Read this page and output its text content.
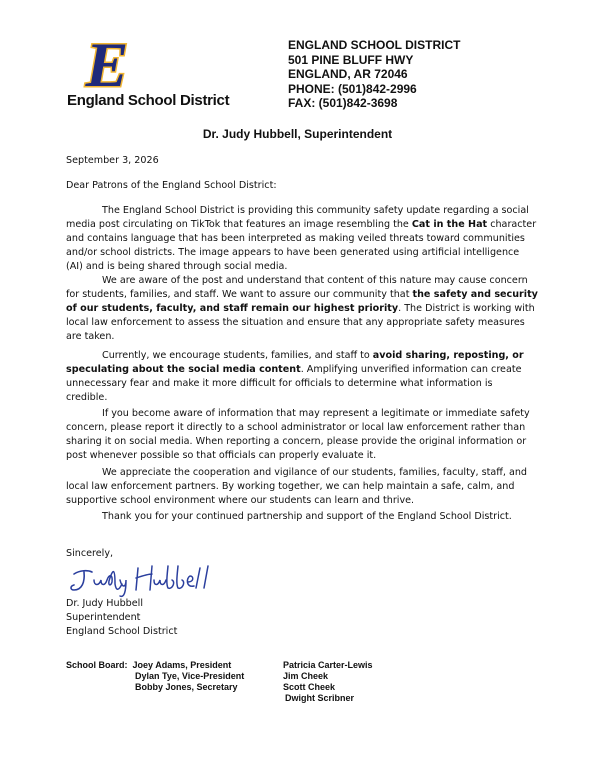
E
England School District
ENGLAND SCHOOL DISTRICT
501 PINE BLUFF HWY
ENGLAND, AR 72046
PHONE: (501)842-2996
FAX: (501)842-3698
Dr. Judy Hubbell, Superintendent
September 3, 2026
Dear Patrons of the England School District:
The England School District is providing this community safety update regarding a social
media post circulating on TikTok that features an image resembling the Cat in the Hat character
and contains language that has been interpreted as making veiled threats toward communities
and/or school districts. The image appears to have been generated using artificial intelligence
(AI) and is being shared through social media.
We are aware of the post and understand that content of this nature may cause concern
for students, families, and staff. We want to assure our community that the safety and security
of our students, faculty, and staff remain our highest priority. The District is working with
local law enforcement to assess the situation and ensure that any appropriate safety measures
are taken.
Currently, we encourage students, families, and staff to avoid sharing, reposting, or
speculating about the social media content. Amplifying unverified information can create
unnecessary fear and make it more difficult for officials to determine what information is
credible.
If you become aware of information that may represent a legitimate or immediate safety
concern, please report it directly to a school administrator or local law enforcement rather than
sharing it on social media. When reporting a concern, please provide the original information or
post whenever possible so that officials can properly evaluate it.
We appreciate the cooperation and vigilance of our students, families, faculty, staff, and
local law enforcement partners. By working together, we can help maintain a safe, calm, and
supportive school environment where our students can learn and thrive.
Thank you for your continued partnership and support of the England School District.
Sincerely,
Dr. Judy Hubbell
Superintendent
England School District
School Board: Joey Adams, President
Dylan Tye, Vice-President
Bobby Jones, Secretary
Patricia Carter-Lewis
Jim Cheek
Scott Cheek
Dwight Scribner
